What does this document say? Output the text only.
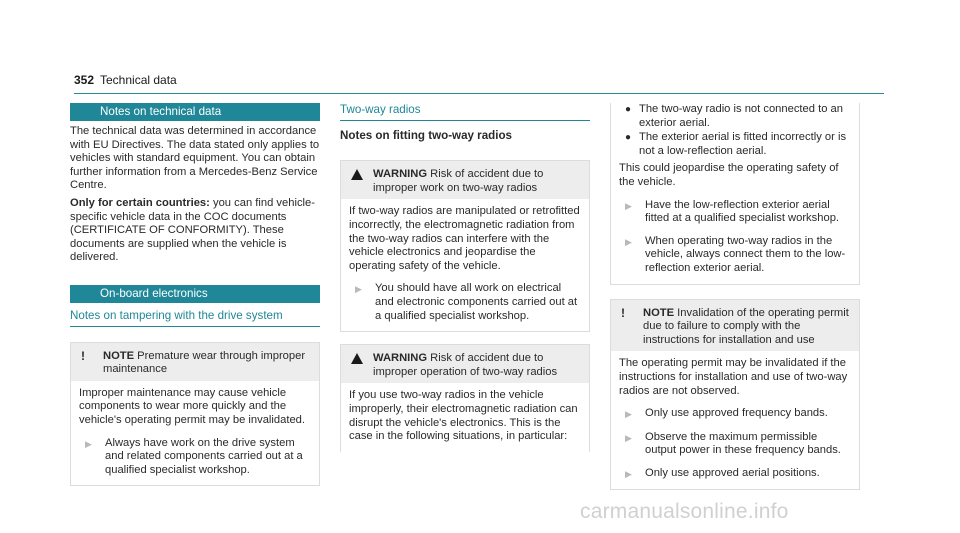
352 Technical data
Notes on technical data
The technical data was determined in accordance with EU Directives. The data stated only applies to vehicles with standard equipment. You can obtain further information from a Mercedes-Benz Service Centre.
Only for certain countries: you can find vehicle-specific vehicle data in the COC documents (CERTIFICATE OF CONFORMITY). These documents are supplied when the vehicle is delivered.
On-board electronics
Notes on tampering with the drive system
!	NOTE Premature wear through improper maintenance
Improper maintenance may cause vehicle components to wear more quickly and the vehicle's operating permit may be invalidated.
▶	Always have work on the drive system and related components carried out at a qualified specialist workshop.
Two-way radios
Notes on fitting two-way radios
WARNING Risk of accident due to improper work on two-way radios
If two-way radios are manipulated or retrofitted incorrectly, the electromagnetic radiation from the two-way radios can interfere with the vehicle electronics and jeopardise the operating safety of the vehicle.
▶	You should have all work on electrical and electronic components carried out at a qualified specialist workshop.
WARNING Risk of accident due to improper operation of two-way radios
If you use two-way radios in the vehicle improperly, their electromagnetic radiation can disrupt the vehicle's electronics. This is the case in the following situations, in particular:
● The two-way radio is not connected to an exterior aerial.
● The exterior aerial is fitted incorrectly or is not a low-reflection aerial.
This could jeopardise the operating safety of the vehicle.
▶	Have the low-reflection exterior aerial fitted at a qualified specialist workshop.
▶	When operating two-way radios in the vehicle, always connect them to the low-reflection exterior aerial.
!	NOTE Invalidation of the operating permit due to failure to comply with the instructions for installation and use
The operating permit may be invalidated if the instructions for installation and use of two-way radios are not observed.
▶	Only use approved frequency bands.
▶	Observe the maximum permissible output power in these frequency bands.
▶	Only use approved aerial positions.
carmanualsonline.info
